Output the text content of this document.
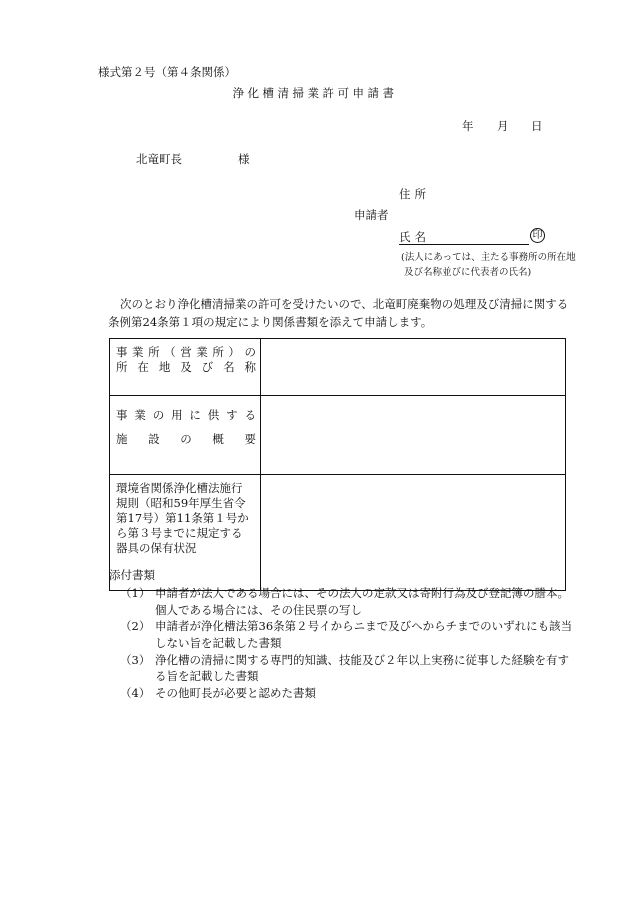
様式第２号（第４条関係）
浄化槽清掃業許可申請書
年 月 日
北竜町長	様
住所
申請者
氏名	印
(法人にあっては、主たる事務所の所在地
及び名称並びに代表者の氏名)
次のとおり浄化槽清掃業の許可を受けたいので、北竜町廃棄物の処理及び清掃に関する条例第24条第１項の規定により関係書類を添えて申請します。
事業所（営業所）の
所在地及び名称	

事業の用に供する
施設の概要	

環境省関係浄化槽法施行
規則（昭和59年厚生省令
第17号）第11条第１号か
ら第３号までに規定する
器具の保有状況	

添付書類
（1） 申請者が法人である場合には、その法人の定款又は寄附行為及び登記簿の謄本。個人である場合には、その住民票の写し
（2） 申請者が浄化槽法第36条第２号イからニまで及びヘからチまでのいずれにも該当しない旨を記載した書類
（3） 浄化槽の清掃に関する専門的知識、技能及び２年以上実務に従事した経験を有する旨を記載した書類
（4） その他町長が必要と認めた書類
